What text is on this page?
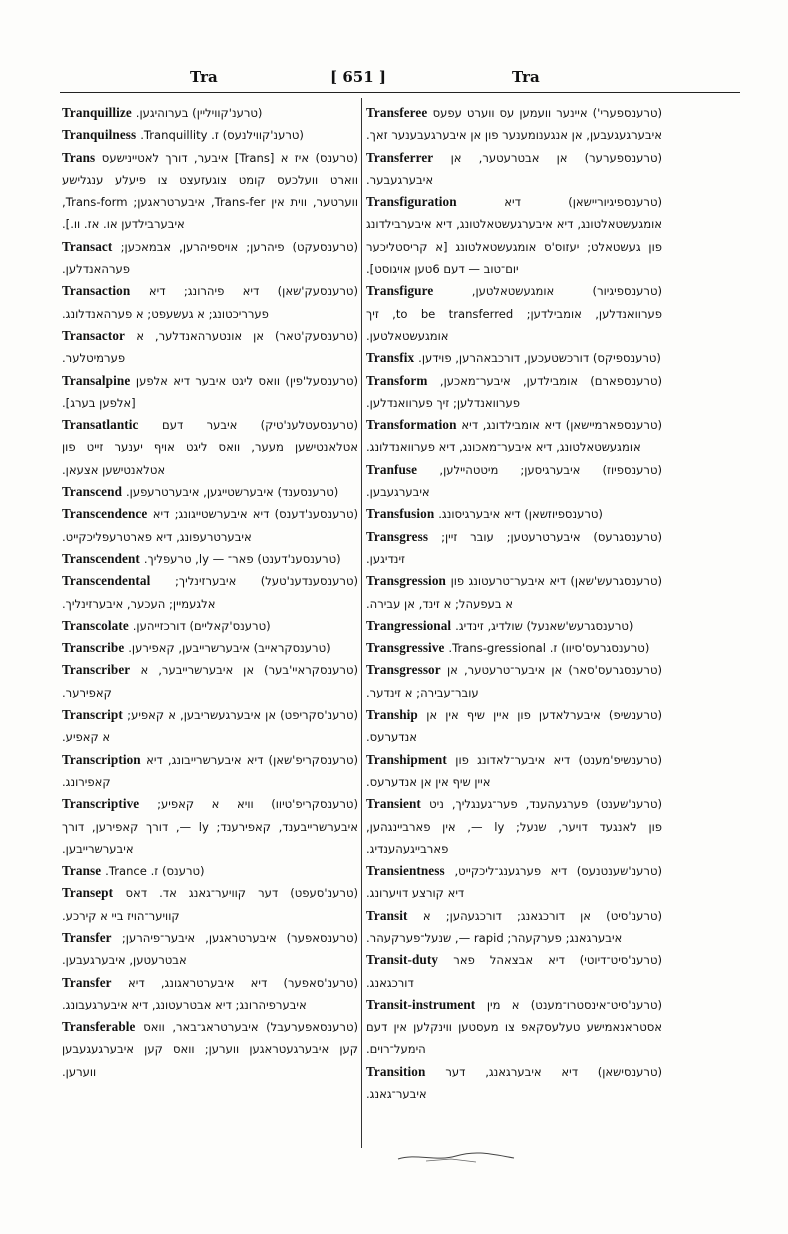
Tra	[ 651 ]	Tra

Tranquillize (טרענ'קוויליין) בערוהיגען.

Tranquilness (טרענ'קווילנעס) ז. Tranquillity.

Trans (טרענס) איז א [Trans] איבער, דורך לאטיינישעס ווארט וועלכעס קומט צוגעזעצט צו פיעלע ענגלישע ווערטער, ווית אין Trans-fer, איבערטראגען; Trans-form, איבערבילדען או. אז. וו.].

Transact (טרענסעקט) פיהרען; אויספיהרען, אבמאכען; פערהאנדלען.

Transaction (טרענסעק'שאן) דיא פיהרונג; דיא פערריכטונג; א געשעפט; א פערהאנדלונג.

Transactor (טרענסעק'טאר) אן אונטערהאנדלער, א פערמיטלער.

Transalpine (טרענסעל'פין) וואס ליגט איבער דיא אלפען [אלפען בערג].

Transatlantic (טרענסעטלענ'טיק) איבער דעם אטלאנטישען מעער, וואס ליגט אויף יענער זייט פון אטלאנטישען אצעאן.

Transcend (טרענסענד) איבערשטייגען, איבערטרעפען.

Transcendence (טרענסענ'דענס) דיא איבערשטייגונג; דיא איבערטרעפונג, דיא פארטרעפליכקייט.

Transcendent (טרענסענ'דענט) פאר־ — ly, טרעפליך.

Transcendental (טרענסענדענ'טעל) איבערזינליך; אלגעמיין; העכער, איבערזינליך.

Transcolate (טרענס'קאליים) דורכזייהען.

Transcribe (טרענסקראייב) איבערשרייבען, קאפירען.

Transcriber (טרענסקראיי'בער) אן איבערשרייבער, א קאפירער.

Transcript (טרענ'סקריפט) אן איבערגעשריבען, א קאפיע; א קאפיע.

Transcription (טרענסקריפ'שאן) דיא איבערשרייבונג, דיא קאפירונג.

Transcriptive (טרענסקריפ'טיוו) וויא א קאפיע; איבערשרייבענד, קאפירענד; ly —, דורך קאפירען, דורך איבערשרייבען.

Transe (טרענס) ז. Trance.

Transept (טרענ'סעפט) דער קוויער־גאנג אד. דאס קוויער־הויז ביי א קירכע.

Transfer (טרענסאפער) איבערטראגען, איבער־פיהרען; אבטרעטען, איבערגעבען.

Transfer (טרענ'סאפער) דיא איבערטראגונג, דיא איבערפיהרונג; דיא אבטרעטונג, דיא איבערגעבונג.

Transferable (טרענסאפערעבל) איבערטראג־באר, וואס קען איבערגעטראגען ווערען; וואס קען איבערגעגעבען ווערען.

Transferee (טרענספערי') איינער וועמען עס ווערט עפעס איבערגעגעבען, אן אנגענומענער פון אן איבערגעבענער זאך.

Transferrer (טרענספערער) אן אבטרעטער, אן איבערגעבער.

Transfiguration	(טרענספיגיוריישאן) דיא אומגעשטאלטונג, דיא איבערגעשטאלטונג, דיא איבערבילדונג פון געשטאלט; יעזוס'ס אומגעשטאלטונג [א קריסטליכער יום־טוב — דעם 6טען אויגוסט].

Transfigure	(טרענספיגיור) אומגעשטאלטען, פערוואנדלען, אומבילדען; to be transferred, זיך אומגעשטאלטען.

Transfix (טרענספיקס) דורכשטעכען, דורכבאהרען, פוידען.

Transform (טרענספארם) אומבילדען, איבער־מאכען, פערוואנדלען; זיך פערוואנדלען.

Transformation (טרענספארמיישאן) דיא אומבילדונג, דיא אומגעשטאלטונג, דיא איבער־מאכונג, דיא פערוואנדלונג.

Tranfuse (טרענספיוז) איבערגיסען; מיטטהיילען, איבערגעבען.

Transfusion (טרענספיוזשאן) דיא איבערגיסונג.

Transgress (טרענסגרעס) איבערטרעטען; עובר זיין; זינדיגען.

Transgression (טרענסגרעש'שאן) דיא איבער־טרעטונג פון א בעפעהל; א זינד, אן עבירה.

Trangressional (טרענסגרעש'שאנעל) שולדיג, זינדיג.

Transgressive (טרענסגרעס'סיוו) ז. Trans-gressional.

Transgressor (טרענסגרעס'סאר) אן איבער־טרעטער, אן עובר־עבירה; א זינדער.

Tranship (טרענשיפ) איבערלאדען פון איין שיף אין אן אנדערעס.

Transhipment (טרענשיפ'מענט) דיא איבער־לאדונג פון איין שיף אין אן אנדערעס.

Transient (טרענ'שענט) פערגעהענד, פער־גענגליך, ניט פון לאנגעד דויער, שנעל; ly —, אין פארביינגהען, פארבייגעהענדיג.

Transientness (טרענ'שענטנעס) דיא פערגענג־ליכקייט, דיא קורצע דויערונג.

Transit (טרענ'סיט) אן דורכגאנג; דורכגעהען; א איבערגאנג; פערקעהר; rapid —, שנעל־פערקעהר.

Transit-duty (טרענ'סיט־דיוטי) דיא אבצאהל פאר דורכגאנג.

Transit-instrument (טרענ'סיט־אינסטרו־מענט) א מין אסטראנאמישע טעלעסקאפ צו מעסטען ווינקלען אין דעם הימעל־רוים.

Transition (טרענסישאן) דיא איבערגאנג, דער איבער־גאנג.
